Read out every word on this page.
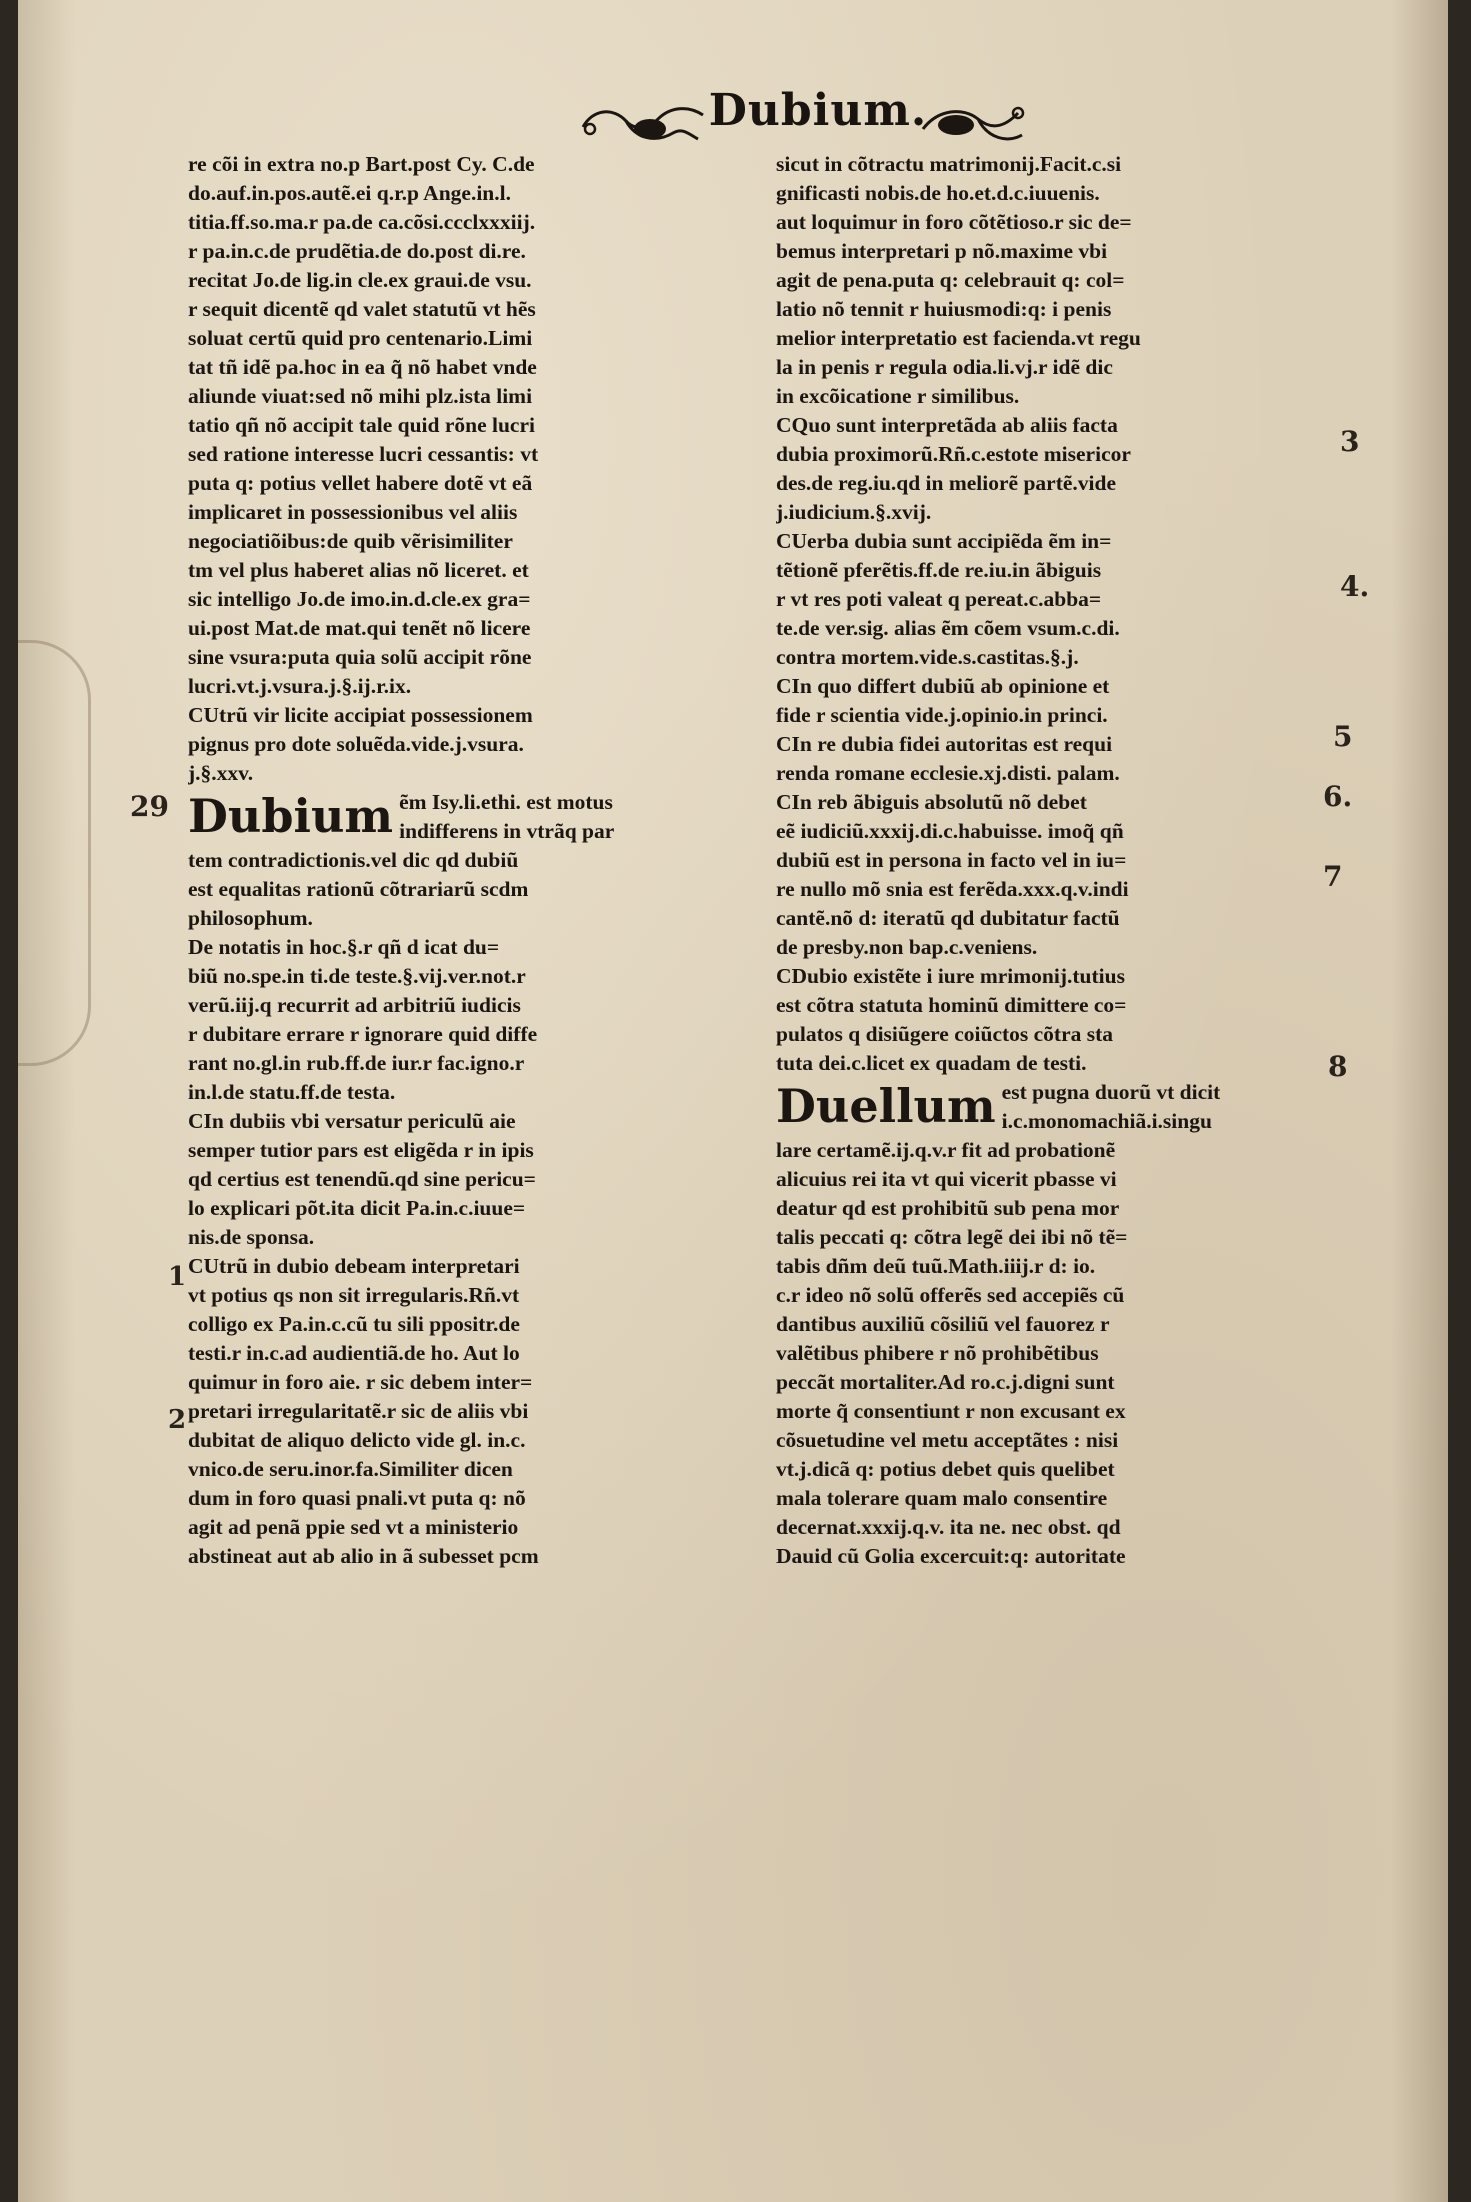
Dubium.
re cõi in extra no.p Bart.post Cy. C.de
do.auf.in.pos.autẽ.ei q.r.p Ange.in.l.
titia.ff.so.ma.r pa.de ca.cõsi.ccclxxxiij.
r pa.in.c.de prudẽtia.de do.post di.re.
recitat Jo.de lig.in cle.ex graui.de vsu.
r sequit dicentẽ qd valet statutũ vt hẽs
soluat certũ quid pro centenario.Limi
tat tñ idẽ pa.hoc in ea q̃ nõ habet vnde
aliunde viuat:sed nõ mihi plz.ista limi
tatio qñ nõ accipit tale quid rõne lucri
sed ratione interesse lucri cessantis: vt
puta q: potius vellet habere dotẽ vt eã
implicaret in possessionibus vel aliis
negociatiõibus:de quib vẽrisimiliter
tm vel plus haberet alias nõ liceret. et
sic intelligo Jo.de imo.in.d.cle.ex gra=
ui.post Mat.de mat.qui tenẽt nõ licere
sine vsura:puta quia solũ accipit rõne
lucri.vt.j.vsura.j.§.ij.r.ix.
CUtrũ vir licite accipiat possessionem
pignus pro dote soluẽda.vide.j.vsura.
j.§.xxv.
Dubium ẽm Isy.li.ethi. est motus
indifferens in vtrãq par
tem contradictionis.vel dic qd dubiũ
est equalitas rationũ cõtrariarũ scdm
philosophum.
De notatis in hoc.§.r qñ d icat du=
biũ no.spe.in ti.de teste.§.vij.ver.not.r
verũ.iij.q recurrit ad arbitriũ iudicis
r dubitare errare r ignorare quid diffe
rant no.gl.in rub.ff.de iur.r fac.igno.r
in.l.de statu.ff.de testa.
CIn dubiis vbi versatur periculũ aie
semper tutior pars est eligẽda r in ipis
qd certius est tenendũ.qd sine pericu=
lo explicari põt.ita dicit Pa.in.c.iuue=
nis.de sponsa.
CUtrũ in dubio debeam interpretari
vt potius qs non sit irregularis.Rñ.vt
colligo ex Pa.in.c.cũ tu sili ppositr.de
testi.r in.c.ad audientiã.de ho. Aut lo
quimur in foro aie. r sic debem inter=
pretari irregularitatẽ.r sic de aliis vbi
dubitat de aliquo delicto vide gl. in.c.
vnico.de seru.inor.fa.Similiter dicen
dum in foro quasi pnali.vt puta q: nõ
agit ad penã ppie sed vt a ministerio
abstineat aut ab alio in ã subesset pcm
sicut in cõtractu matrimonij.Facit.c.si
gnificasti nobis.de ho.et.d.c.iuuenis.
aut loquimur in foro cõtẽtioso.r sic de=
bemus interpretari p nõ.maxime vbi
agit de pena.puta q: celebrauit q: col=
latio nõ tennit r huiusmodi:q: i penis
melior interpretatio est facienda.vt regu
la in penis r regula odia.li.vj.r idẽ dic
in excõicatione r similibus.
CQuo sunt interpretãda ab aliis facta
dubia proximorũ.Rñ.c.estote misericor
des.de reg.iu.qd in meliorẽ partẽ.vide
j.iudicium.§.xvij.
CUerba dubia sunt accipiẽda ẽm in=
tẽtionẽ pferẽtis.ff.de re.iu.in ãbiguis
r vt res poti valeat q pereat.c.abba=
te.de ver.sig. alias ẽm cõem vsum.c.di.
contra mortem.vide.s.castitas.§.j.
CIn quo differt dubiũ ab opinione et
fide r scientia vide.j.opinio.in princi.
CIn re dubia fidei autoritas est requi
renda romane ecclesie.xj.disti. palam.
CIn reb ãbiguis absolutũ nõ debet
eẽ iudiciũ.xxxij.di.c.habuisse. imoq̃ qñ
dubiũ est in persona in facto vel in iu=
re nullo mõ snia est ferẽda.xxx.q.v.indi
cantẽ.nõ d: iteratũ qd dubitatur factũ
de presby.non bap.c.veniens.
CDubio existẽte i iure mrimonij.tutius
est cõtra statuta hominũ dimittere co=
pulatos q disiũgere coiũctos cõtra sta
tuta dei.c.licet ex quadam de testi.
Duellum est pugna duorũ vt dicit
i.c.monomachiã.i.singu
lare certamẽ.ij.q.v.r fit ad probationẽ
alicuius rei ita vt qui vicerit pbasse vi
deatur qd est prohibitũ sub pena mor
talis peccati q: cõtra legẽ dei ibi nõ tẽ=
tabis dñm deũ tuũ.Math.iiij.r d: io.
c.r ideo nõ solũ offerẽs sed accepiẽs cũ
dantibus auxiliũ cõsiliũ vel fauorez r
valẽtibus phibere r nõ prohibẽtibus
peccãt mortaliter.Ad ro.c.j.digni sunt
morte q̃ consentiunt r non excusant ex
cõsuetudine vel metu acceptãtes : nisi
vt.j.dicã q: potius debet quis quelibet
mala tolerare quam malo consentire
decernat.xxxij.q.v. ita ne. nec obst. qd
Dauid cũ Golia excercuit:q: autoritate
29
1
2
3
4.
5
6.
7
8
